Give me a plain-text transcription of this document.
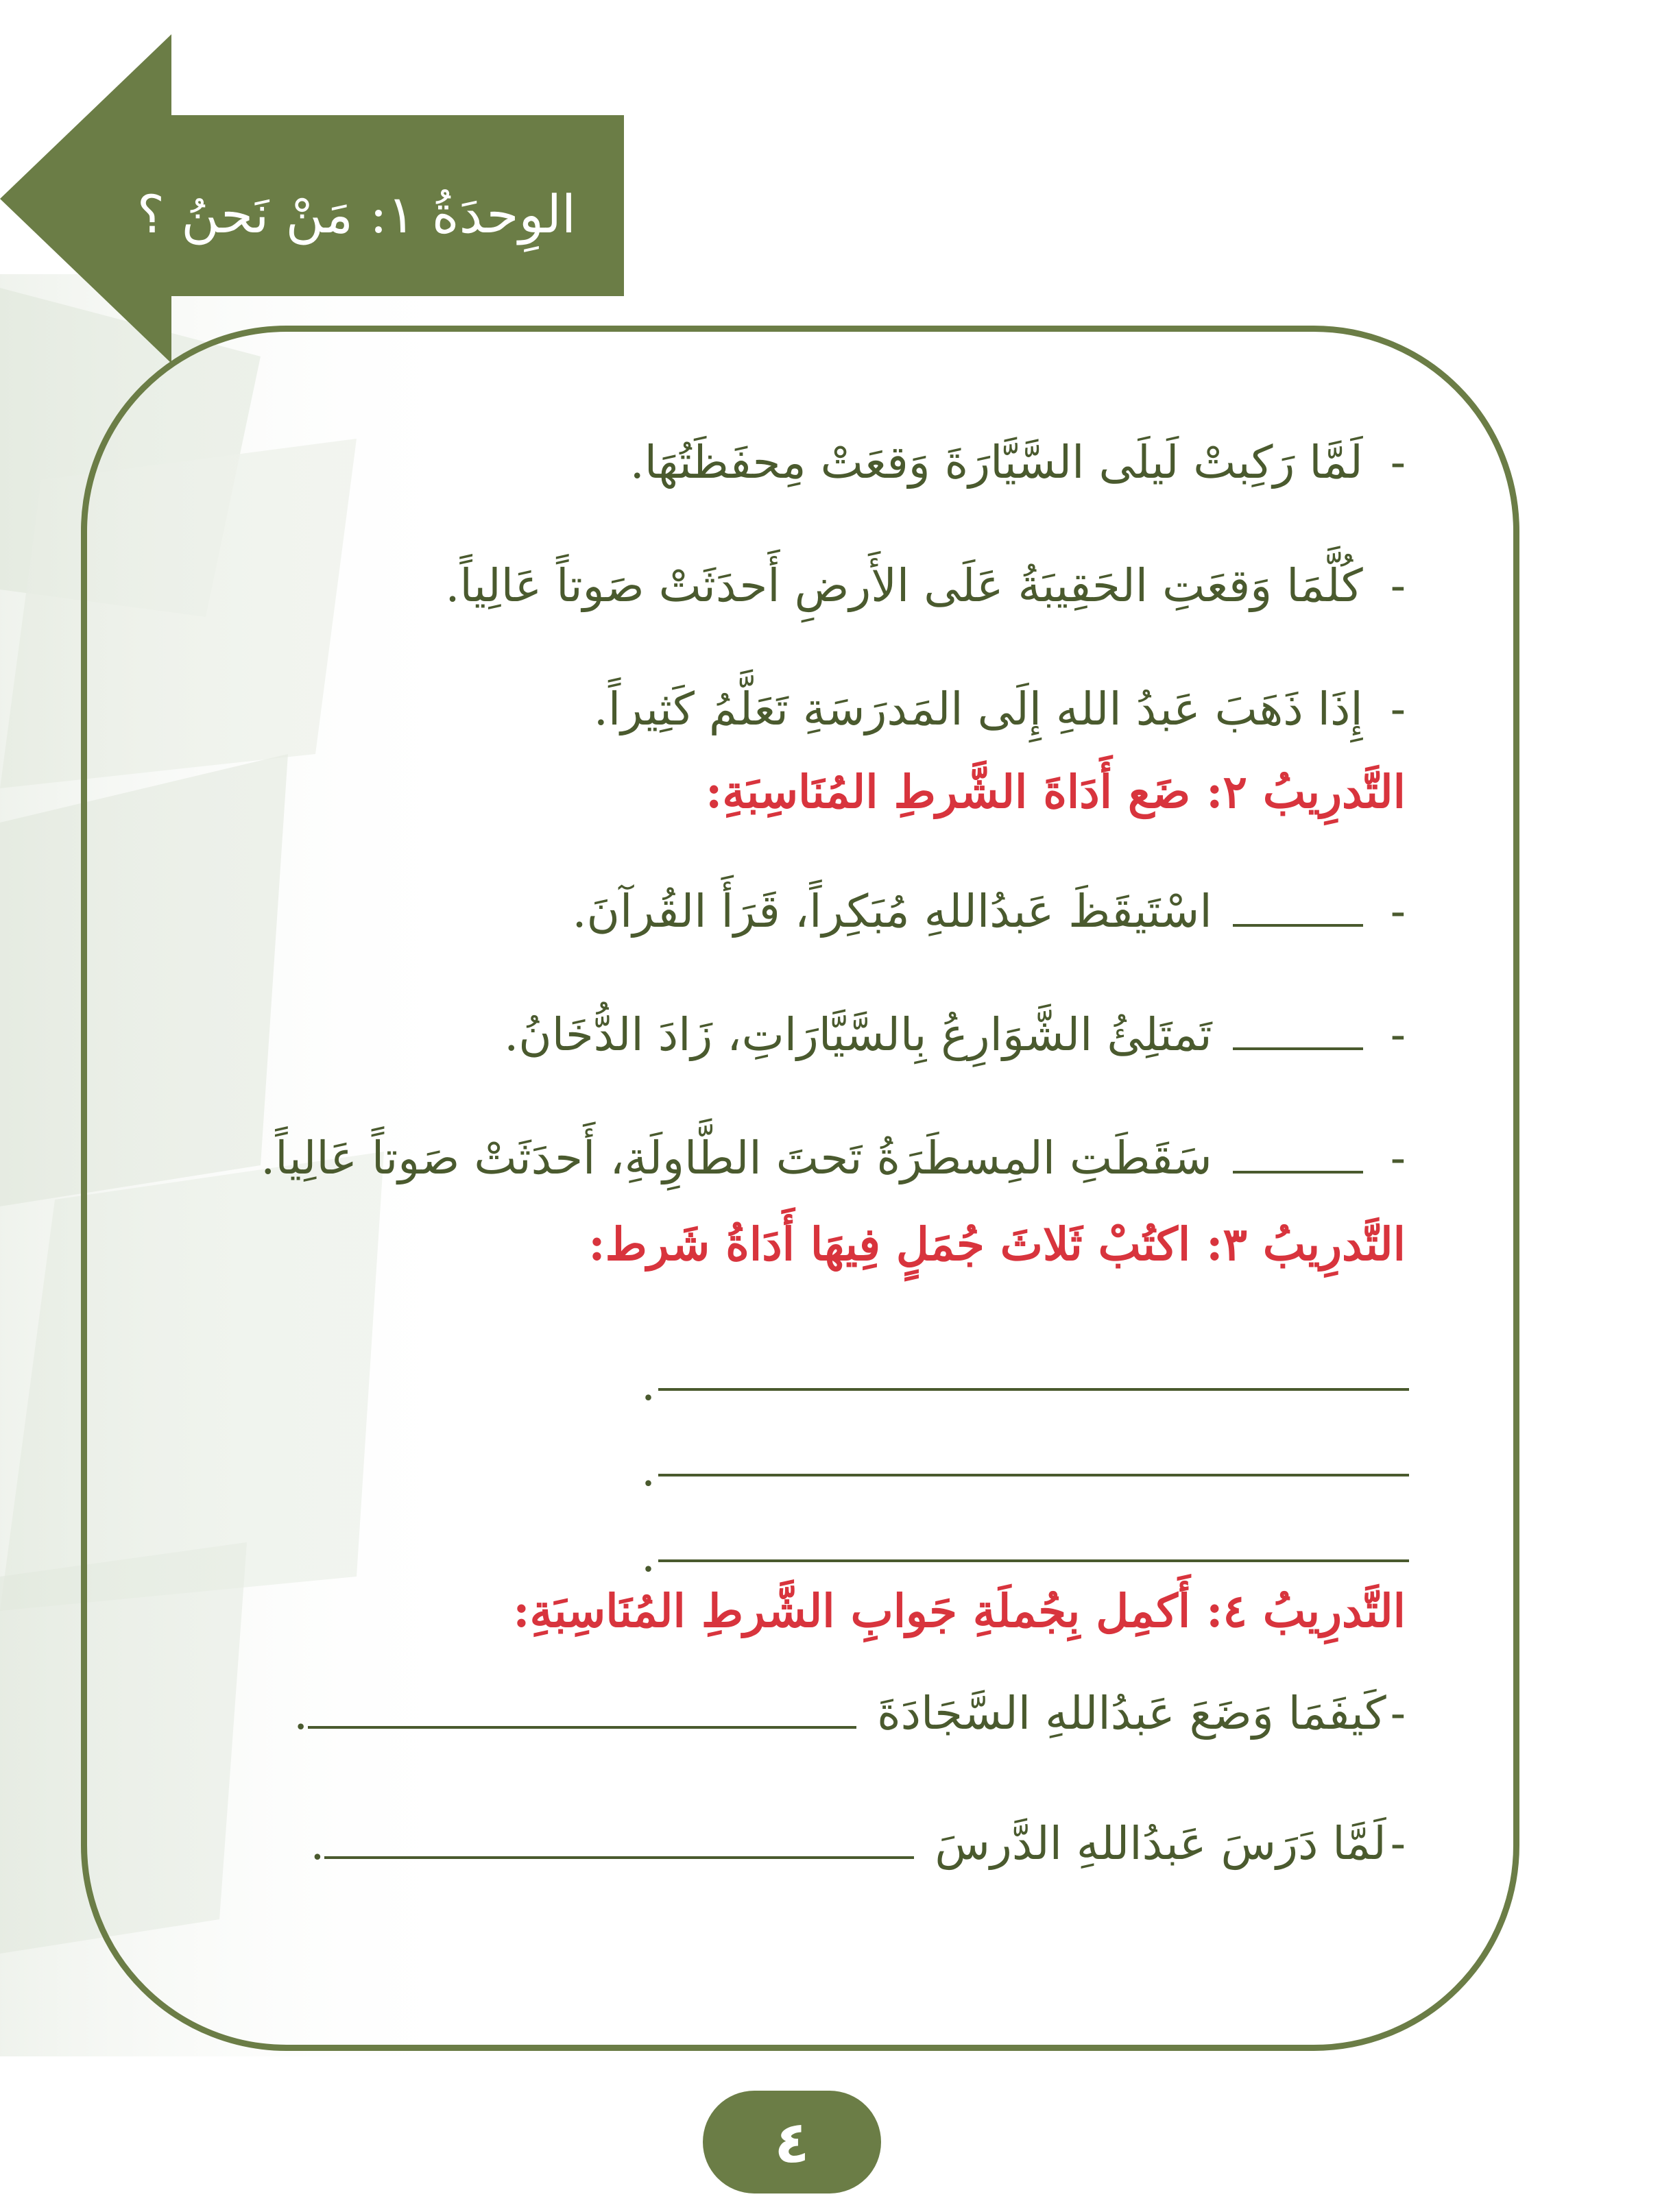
الوِحدَةُ ١: مَنْ نَحنُ ؟
-لَمَّا رَكِبتْ لَيلَى السَّيَّارَةَ وَقعَتْ مِحفَظَتُهَا.
-كُلَّمَا وَقعَتِ الحَقِيبَةُ عَلَى الأَرضِ أَحدَثَتْ صَوتاً عَالِياً.
-إِذَا ذَهَبَ عَبدُ اللهِ إِلَى المَدرَسَةِ تَعَلَّمُ كَثِيراً.
التَّدرِيبُ ٢: ضَع أَدَاةَ الشَّرطِ المُنَاسِبَةِ:
-اسْتَيقَظَ عَبدُاللهِ مُبَكِراً، قَرَأَ القُرآنَ.
-تَمتَلِئُ الشَّوَارِعُ بِالسَّيَّارَاتِ، زَادَ الدُّخَانُ.
-سَقَطَتِ المِسطَرَةُ تَحتَ الطَّاوِلَةِ، أَحدَثَتْ صَوتاً عَالِياً.
التَّدرِيبُ ٣: اكتُبْ ثَلاثَ جُمَلٍ فِيهَا أَدَاةُ شَرط:
.
.
.
التَّدرِيبُ ٤: أَكمِل بِجُملَةِ جَوابِ الشَّرطِ المُنَاسِبَةِ:
-كَيفَمَا وَضَعَ عَبدُاللهِ السَّجَادَةَ.
-لَمَّا دَرَسَ عَبدُاللهِ الدَّرسَ.
٤
